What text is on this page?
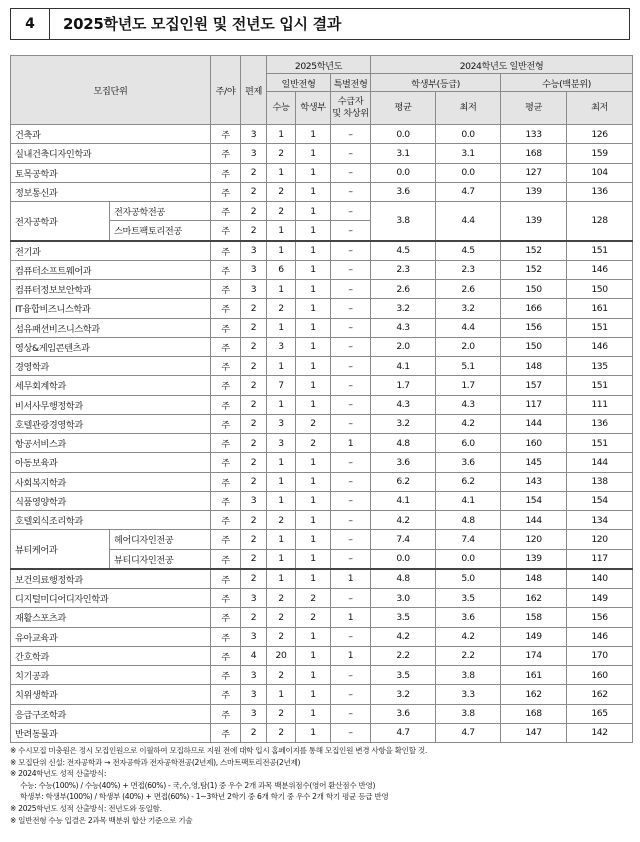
4	2025학년도 모집인원 및 전년도 입시 결과
모집단위		주/야	편제	2025학년도			2024학년도 일반전형			
				일반전형		특별전형	학생부(등급)		수능(백분위)	
				수능	학생부	수급자
및 차상위	평균	최저	평균	최저
건축과		주	3	1	1	–	0.0	0.0	133	126
실내건축디자인학과		주	3	2	1	–	3.1	3.1	168	159
토목공학과		주	2	1	1	–	0.0	0.0	127	104
정보통신과		주	2	2	1	–	3.6	4.7	139	136
전자공학과	전자공학전공	주	2	2	1	–	3.8	4.4	139	128
	스마트팩토리전공	주	2	1	1	–				
전기과		주	3	1	1	–	4.5	4.5	152	151
컴퓨터소프트웨어과		주	3	6	1	–	2.3	2.3	152	146
컴퓨터정보보안학과		주	3	1	1	–	2.6	2.6	150	150
IT융합비즈니스학과		주	2	2	1	–	3.2	3.2	166	161
섬유패션비즈니스학과		주	2	1	1	–	4.3	4.4	156	151
영상&게임콘텐츠과		주	2	3	1	–	2.0	2.0	150	146
경영학과		주	2	1	1	–	4.1	5.1	148	135
세무회계학과		주	2	7	1	–	1.7	1.7	157	151
비서사무행정학과		주	2	1	1	–	4.3	4.3	117	111
호텔관광경영학과		주	2	3	2	–	3.2	4.2	144	136
항공서비스과		주	2	3	2	1	4.8	6.0	160	151
아동보육과		주	2	1	1	–	3.6	3.6	145	144
사회복지학과		주	2	1	1	–	6.2	6.2	143	138
식품영양학과		주	3	1	1	–	4.1	4.1	154	154
호텔외식조리학과		주	2	2	1	–	4.2	4.8	144	134
뷰티케어과	헤어디자인전공	주	2	1	1	–	7.4	7.4	120	120
	뷰티디자인전공	주	2	1	1	–	0.0	0.0	139	117
보건의료행정학과		주	2	1	1	1	4.8	5.0	148	140
디지털미디어디자인학과		주	3	2	2	–	3.0	3.5	162	149
재활스포츠과		주	2	2	2	1	3.5	3.6	158	156
유아교육과		주	3	2	1	–	4.2	4.2	149	146
간호학과		주	4	20	1	1	2.2	2.2	174	170
치기공과		주	3	2	1	–	3.5	3.8	161	160
치위생학과		주	3	1	1	–	3.2	3.3	162	162
응급구조학과		주	3	2	1	–	3.6	3.8	168	165
반려동물과		주	2	2	1	–	4.7	4.7	147	142
※ 수시모집 미충원은 정시 모집인원으로 이월하여 모집하므로 지원 전에 대학 입시 홈페이지를 통해 모집인원 변경 사항을 확인할 것.
※ 모집단위 신설: 전자공학과 → 전자공학과 전자공학전공(2년제), 스마트팩토리전공(2년제)
※ 2024학년도 성적 산출방식:
수능: 수능(100%) / 수능(40%) + 면접(60%) - 국,수,영,탐(1) 중 우수 2개 과목 백분위점수(영어 환산점수 반영)
학생부: 학생부(100%) / 학생부 (40%) + 면접(60%) - 1~3학년 2학기 중 6개 학기 중 우수 2개 학기 평균 등급 반영
※ 2025학년도 성적 산출방식: 전년도와 동일함.
※ 일반전형 수능 입결은 2과목 백분위 합산 기준으로 기술
